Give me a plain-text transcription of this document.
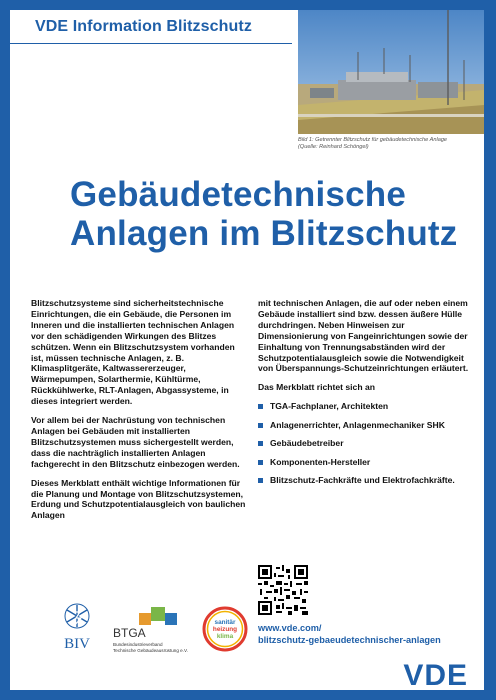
VDE Information Blitzschutz
Bild 1: Getrennter Blitzschutz für gebäudetechnische Anlage
(Quelle: Reinhard Schöngel)
Gebäudetechnische
Anlagen im Blitzschutz

Blitzschutzsysteme sind sicherheitstechnische Einrichtungen, die ein Gebäude, die Personen im Inneren und die installierten technischen Anlagen vor den schädigenden Wirkungen des Blitzes schützen. Wenn ein Blitzschutzsystem vorhanden ist, müssen technische Anlagen, z. B. Klimasplitgeräte, Kaltwassererzeuger, Wärmepumpen, Solarthermie, Kühltürme, Rückkühlwerke, RLT-Anlagen, Abgassysteme, in dieses integriert werden.

Vor allem bei der Nachrüstung von technischen Anlagen bei Gebäuden mit installierten Blitzschutzsystemen muss sichergestellt werden, dass die nachträglich installierten Anlagen fachgerecht in den Blitzschutz einbezogen werden.

Dieses Merkblatt enthält wichtige Informationen für die Planung und Montage von Blitzschutzsystemen, Erdung und Schutzpotentialausgleich von baulichen Anlagen

mit technischen Anlagen, die auf oder neben einem Gebäude installiert sind bzw. dessen äußere Hülle durchdringen. Neben Hinweisen zur Dimensionierung von Fangeinrichtungen sowie der Einhaltung von Trennungsabständen wird der Schutzpotentialausgleich sowie die Notwendigkeit von Überspannungs-Schutzeinrichtungen erläutert.

Das Merkblatt richtet sich an

TGA-Fachplaner, Architekten
Anlagenerrichter, Anlagenmechaniker SHK
Gebäudebetreiber
Komponenten-Hersteller
Blitzschutz-Fachkräfte und Elektrofachkräfte.
www.vde.com/
blitzschutz-gebaeudetechnischer-anlagen
BIV
BTGA
Bundesindustrieverband
Technische Gebäudeausrüstung e.V.
sanitär
heizung
klima
VDE
